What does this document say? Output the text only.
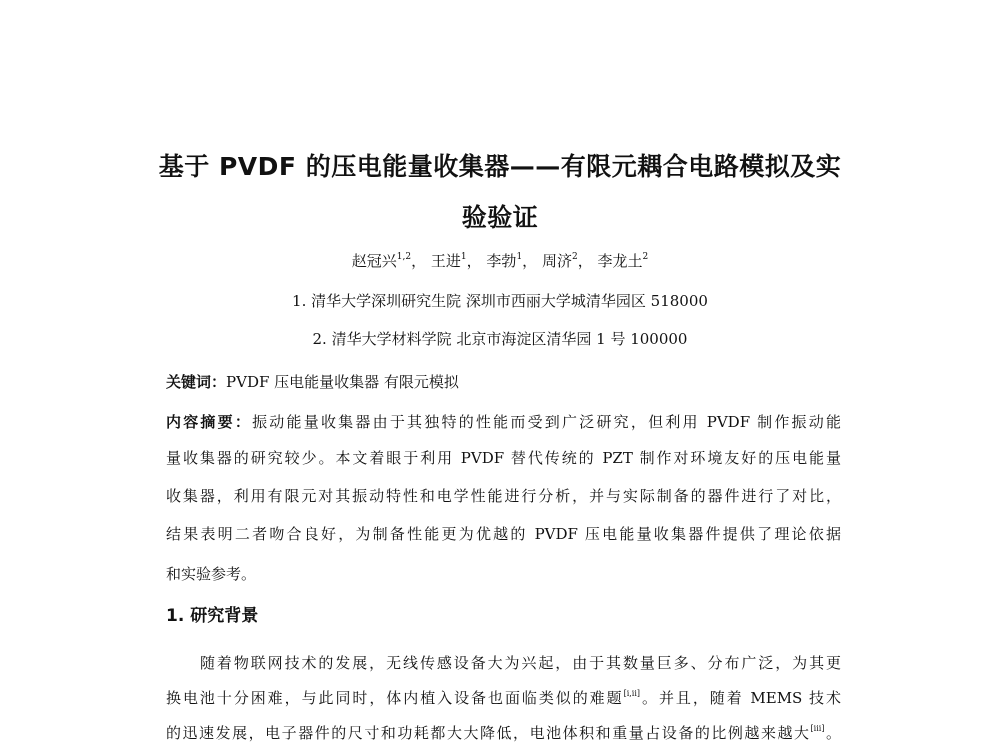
基于 PVDF 的压电能量收集器——有限元耦合电路模拟及实
验验证
赵冠兴$^{1,2}$， 王进$^1$， 李勃$^1$， 周济$^2$， 李龙土$^2$
1. 清华大学深圳研究生院 深圳市西丽大学城清华园区 518000
2. 清华大学材料学院 北京市海淀区清华园 1 号 100000
关键词：PVDF 压电能量收集器 有限元模拟
内容摘要：振动能量收集器由于其独特的性能而受到广泛研究，但利用 PVDF 制作振动能
量收集器的研究较少。本文着眼于利用 PVDF 替代传统的 PZT 制作对环境友好的压电能量
收集器，利用有限元对其振动特性和电学性能进行分析，并与实际制备的器件进行了对比，
结果表明二者吻合良好，为制备性能更为优越的 PVDF 压电能量收集器件提供了理论依据
和实验参考。
1. 研究背景
随着物联网技术的发展，无线传感设备大为兴起，由于其数量巨多、分布广泛，为其更
换电池十分困难，与此同时，体内植入设备也面临类似的难题[i,ii]。并且，随着 MEMS 技术
的迅速发展，电子器件的尺寸和功耗都大大降低，电池体积和重量占设备的比例越来越大[iii]。
